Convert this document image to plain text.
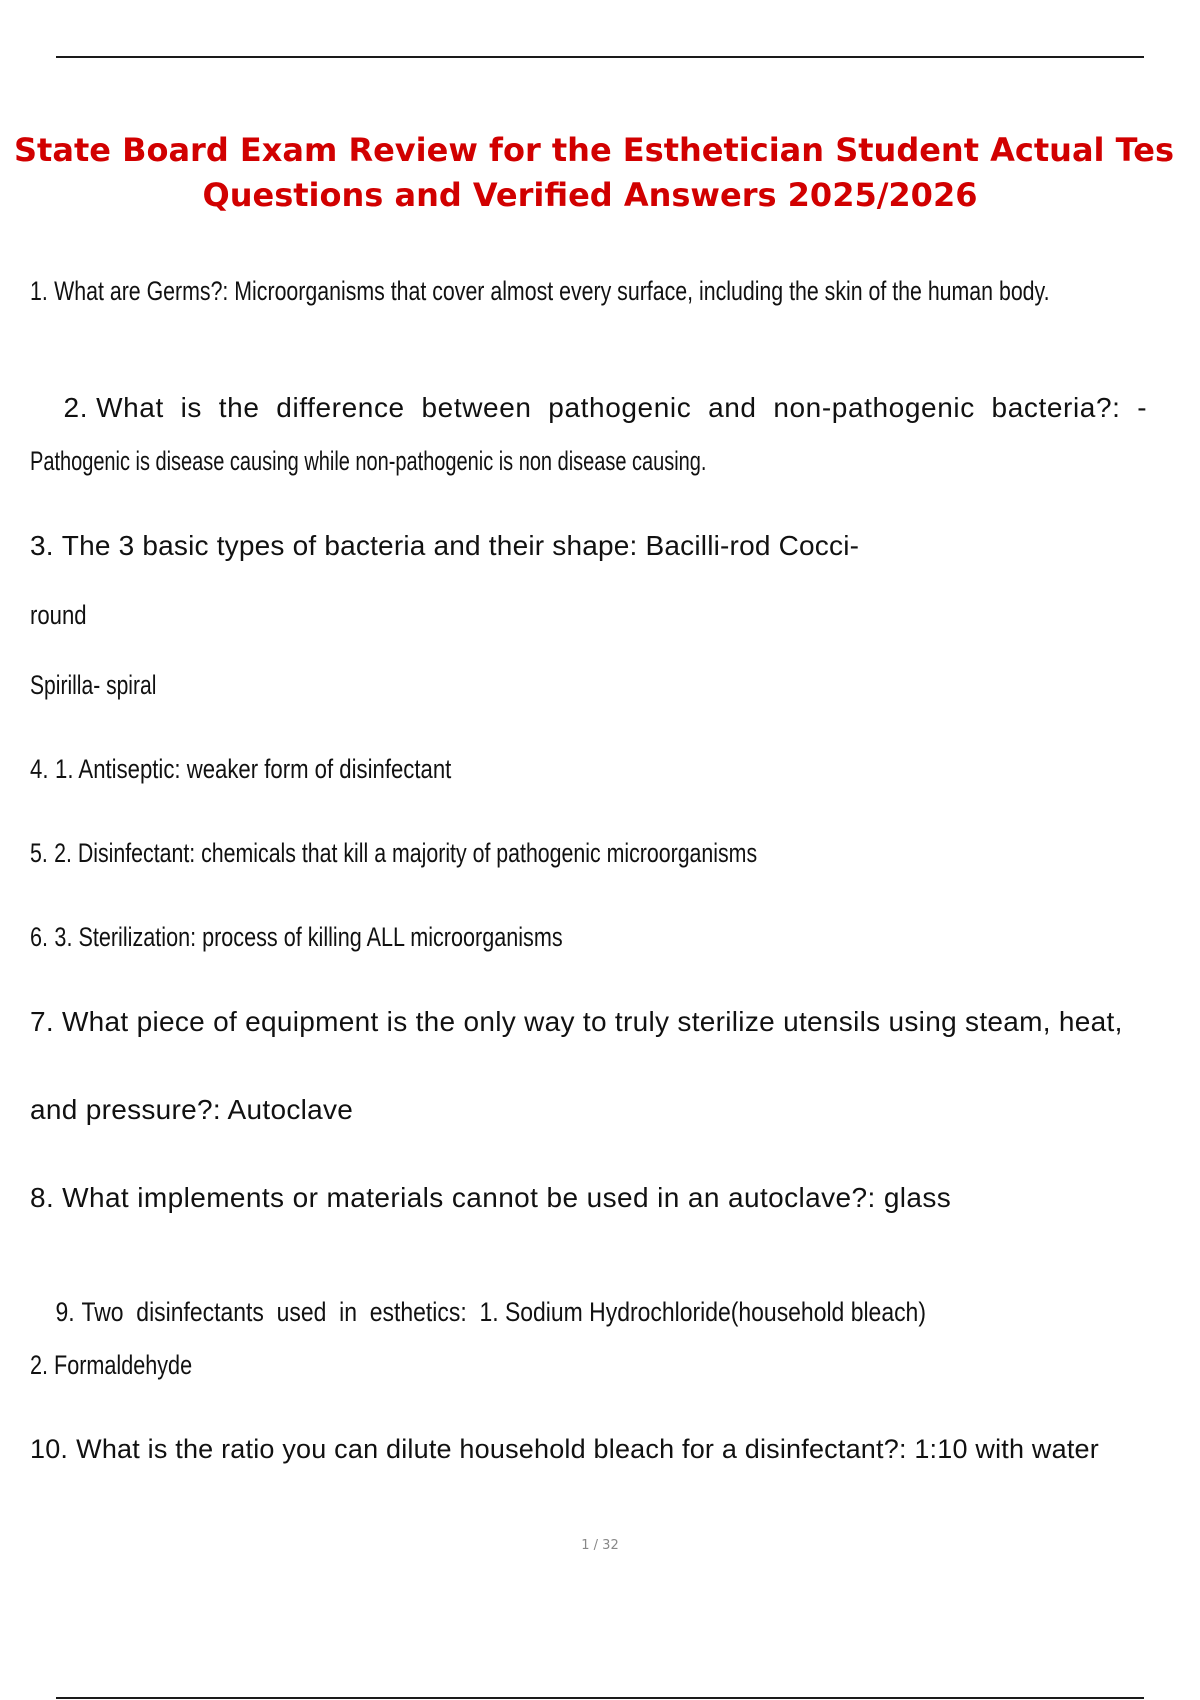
State Board Exam Review for the Esthetician Student Actual Tes
Questions and Verified Answers 2025/2026
1. What are Germs?: Microorganisms that cover almost every surface, including the skin of the human body.

2. What  is  the  difference  between  pathogenic  and  non-pathogenic  bacteria?:  -

Pathogenic is disease causing while non-pathogenic is non disease causing.
3. The 3 basic types of bacteria and their shape: Bacilli-rod Cocci-
round
Spirilla- spiral
4. 1. Antiseptic: weaker form of disinfectant
5. 2. Disinfectant: chemicals that kill a majority of pathogenic microorganisms
6. 3. Sterilization: process of killing ALL microorganisms
7. What piece of equipment is the only way to truly sterilize utensils using steam, heat,
and pressure?: Autoclave
8. What implements or materials cannot be used in an autoclave?: glass

9. Two  disinfectants  used  in  esthetics:  1. Sodium Hydrochloride(household bleach)

2. Formaldehyde
10. What is the ratio you can dilute household bleach for a disinfectant?: 1:10 with water
1 / 32
